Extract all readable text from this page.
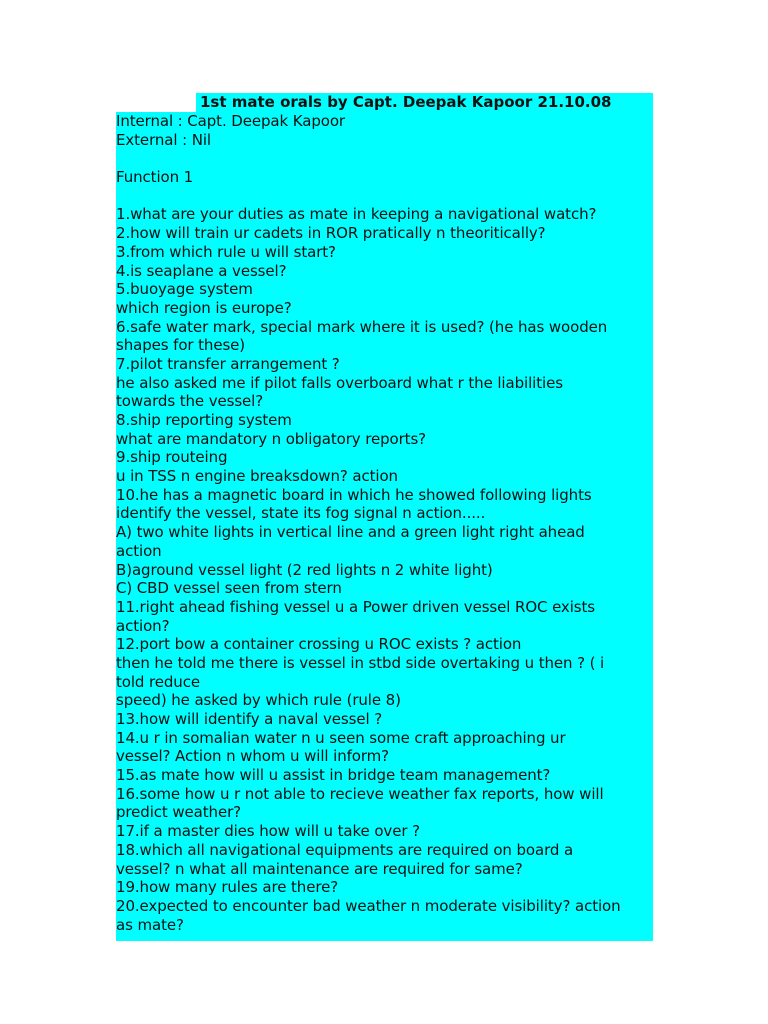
1st mate orals by Capt. Deepak Kapoor 21.10.08
Internal : Capt. Deepak Kapoor
External : Nil
Function 1
1.what are your duties as mate in keeping a navigational watch?
2.how will train ur cadets in ROR pratically n theoritically?
3.from which rule u will start?
4.is seaplane a vessel?
5.buoyage system
which region is europe?
6.safe water mark, special mark where it is used? (he has wooden
shapes for these)
7.pilot transfer arrangement ?
he also asked me if pilot falls overboard what r the liabilities
towards the vessel?
8.ship reporting system
what are mandatory n obligatory reports?
9.ship routeing
u in TSS n engine breaksdown? action
10.he has a magnetic board in which he showed following lights
identify the vessel, state its fog signal n action.....
A) two white lights in vertical line and a green light right ahead
action
B)aground vessel light (2 red lights n 2 white light)
C) CBD vessel seen from stern
11.right ahead fishing vessel u a Power driven vessel ROC exists
action?
12.port bow a container crossing u ROC exists ? action
then he told me there is vessel in stbd side overtaking u then ? ( i
told reduce
speed) he asked by which rule (rule 8)
13.how will identify a naval vessel ?
14.u r in somalian water n u seen some craft approaching ur
vessel? Action n whom u will inform?
15.as mate how will u assist in bridge team management?
16.some how u r not able to recieve weather fax reports, how will
predict weather?
17.if a master dies how will u take over ?
18.which all navigational equipments are required on board a
vessel? n what all maintenance are required for same?
19.how many rules are there?
20.expected to encounter bad weather n moderate visibility? action
as mate?
